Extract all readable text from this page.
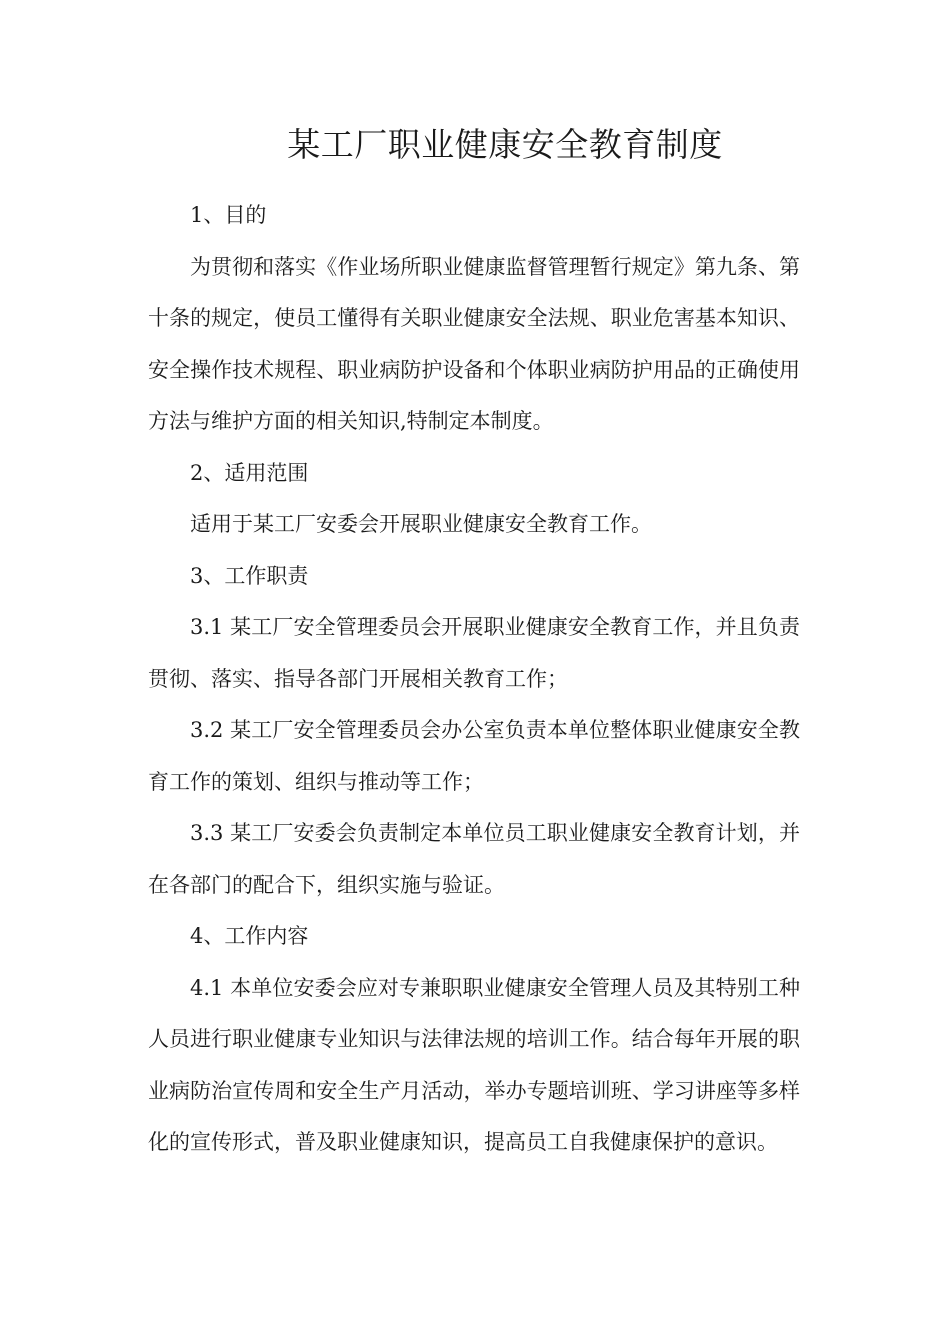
某工厂职业健康安全教育制度

1、目的

为贯彻和落实《作业场所职业健康监督管理暂行规定》第九条、第十条的规定，使员工懂得有关职业健康安全法规、职业危害基本知识、安全操作技术规程、职业病防护设备和个体职业病防护用品的正确使用方法与维护方面的相关知识,特制定本制度。

2、适用范围

适用于某工厂安委会开展职业健康安全教育工作。

3、工作职责

3.1 某工厂安全管理委员会开展职业健康安全教育工作，并且负责贯彻、落实、指导各部门开展相关教育工作；

3.2 某工厂安全管理委员会办公室负责本单位整体职业健康安全教育工作的策划、组织与推动等工作；

3.3 某工厂安委会负责制定本单位员工职业健康安全教育计划，并在各部门的配合下，组织实施与验证。

4、工作内容

4.1 本单位安委会应对专兼职职业健康安全管理人员及其特别工种人员进行职业健康专业知识与法律法规的培训工作。结合每年开展的职业病防治宣传周和安全生产月活动，举办专题培训班、学习讲座等多样化的宣传形式，普及职业健康知识，提高员工自我健康保护的意识。
